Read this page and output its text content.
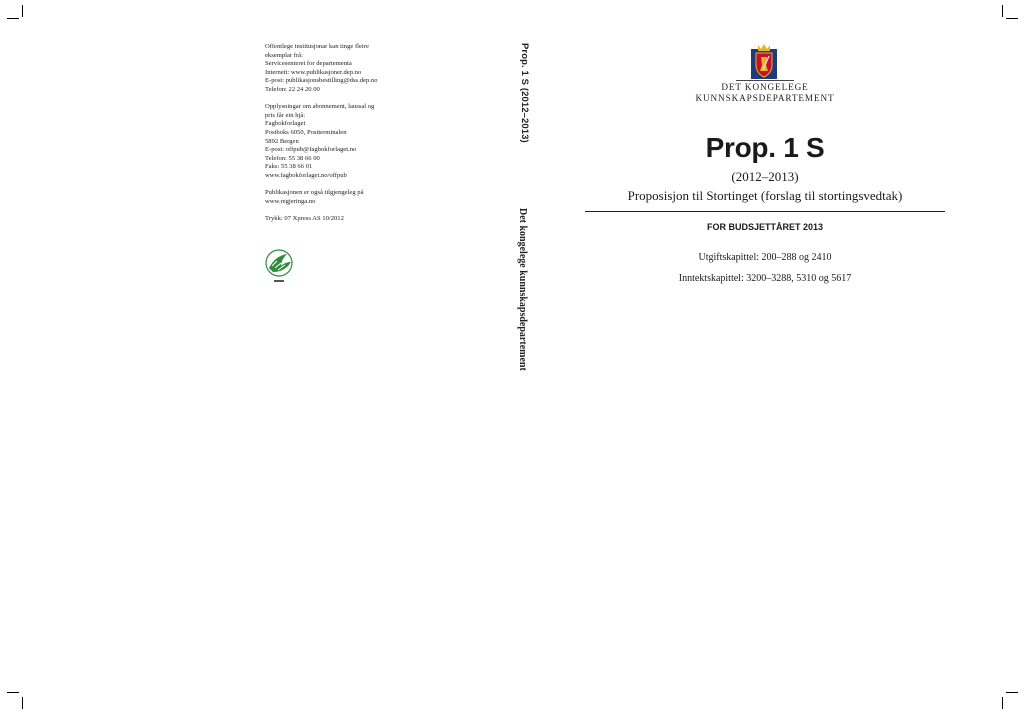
Offentlege institusjonar kan tinge fleire
eksemplar frå:
Servicesenteret for departementa
Internett: www.publikasjoner.dep.no
E-post: publikasjonsbestilling@dss.dep.no
Telefon: 22 24 20 00
Opplysningar om abonnement, laussal og
pris får ein hjå:
Fagbokforlaget
Postboks 6050, Postterminalen
5892 Bergen
E-post: offpub@fagbokforlaget.no
Telefon: 55 38 66 00
Faks: 55 38 66 01
www.fagbokforlaget.no/offpub
Publikasjonen er også tilgjengeleg på
www.regjeringa.no
Trykk: 07 Xpress AS 10/2012
Prop. 1 S (2012–2013)
Det kongelege kunnskapsdepartement
DET KONGELEGE
KUNNSKAPSDEPARTEMENT
Prop. 1 S
(2012–2013)
Proposisjon til Stortinget (forslag til stortingsvedtak)
FOR BUDSJETTÅRET 2013
Utgiftskapittel: 200–288 og 2410
Inntektskapittel: 3200–3288, 5310 og 5617
